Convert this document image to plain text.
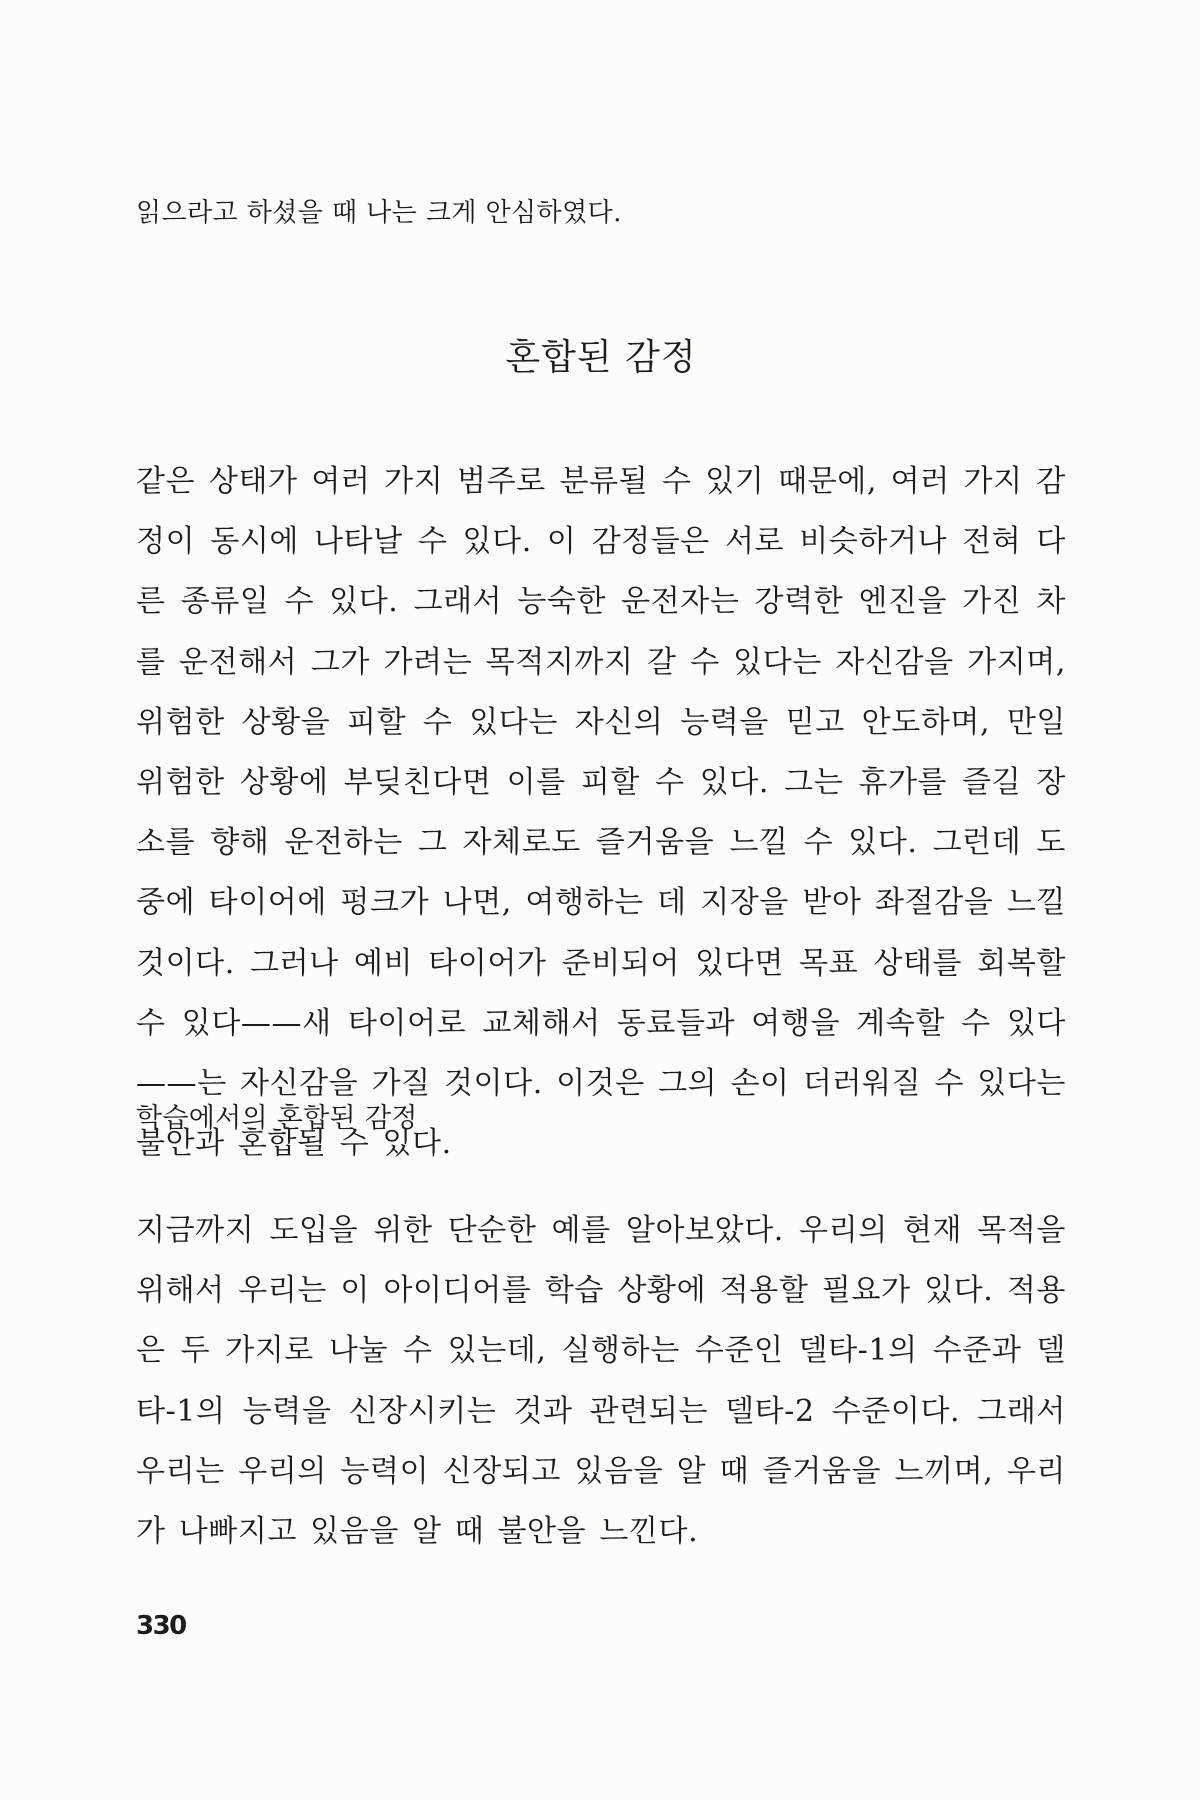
읽으라고 하셨을 때 나는 크게 안심하였다.
혼합된 감정
같은 상태가 여러 가지 범주로 분류될 수 있기 때문에, 여러 가지 감정이 동시에 나타날 수 있다. 이 감정들은 서로 비슷하거나 전혀 다른 종류일 수 있다. 그래서 능숙한 운전자는 강력한 엔진을 가진 차를 운전해서 그가 가려는 목적지까지 갈 수 있다는 자신감을 가지며, 위험한 상황을 피할 수 있다는 자신의 능력을 믿고 안도하며, 만일 위험한 상황에 부딪친다면 이를 피할 수 있다. 그는 휴가를 즐길 장소를 향해 운전하는 그 자체로도 즐거움을 느낄 수 있다. 그런데 도중에 타이어에 펑크가 나면, 여행하는 데 지장을 받아 좌절감을 느낄 것이다. 그러나 예비 타이어가 준비되어 있다면 목표 상태를 회복할 수 있다——새 타이어로 교체해서 동료들과 여행을 계속할 수 있다——는 자신감을 가질 것이다. 이것은 그의 손이 더러워질 수 있다는 불안과 혼합될 수 있다.
학습에서의 혼합된 감정
지금까지 도입을 위한 단순한 예를 알아보았다. 우리의 현재 목적을 위해서 우리는 이 아이디어를 학습 상황에 적용할 필요가 있다. 적용은 두 가지로 나눌 수 있는데, 실행하는 수준인 델타-1의 수준과 델타-1의 능력을 신장시키는 것과 관련되는 델타-2 수준이다. 그래서 우리는 우리의 능력이 신장되고 있음을 알 때 즐거움을 느끼며, 우리가 나빠지고 있음을 알 때 불안을 느낀다.
330
